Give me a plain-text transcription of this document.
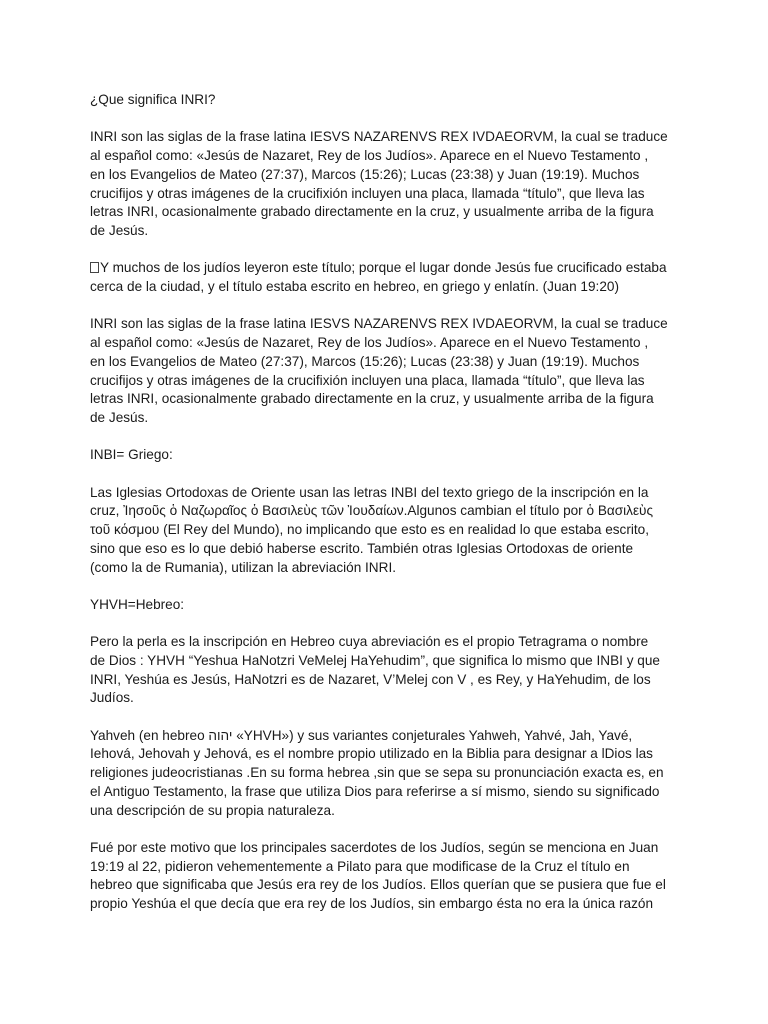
¿Que significa INRI?

INRI son las siglas de la frase latina IESVS NAZARENVS REX IVDAEORVM, la cual se traduce
al español como: «Jesús de Nazaret, Rey de los Judíos». Aparece en el Nuevo Testamento ,
en los Evangelios de Mateo (27:37), Marcos (15:26); Lucas (23:38) y Juan (19:19). Muchos
crucifijos y otras imágenes de la crucifixión incluyen una placa, llamada “título”, que lleva las
letras INRI, ocasionalmente grabado directamente en la cruz, y usualmente arriba de la figura
de Jesús.

Y muchos de los judíos leyeron este título; porque el lugar donde Jesús fue crucificado estaba
cerca de la ciudad, y el título estaba escrito en hebreo, en griego y enlatín. (Juan 19:20)

INRI son las siglas de la frase latina IESVS NAZARENVS REX IVDAEORVM, la cual se traduce
al español como: «Jesús de Nazaret, Rey de los Judíos». Aparece en el Nuevo Testamento ,
en los Evangelios de Mateo (27:37), Marcos (15:26); Lucas (23:38) y Juan (19:19). Muchos
crucifijos y otras imágenes de la crucifixión incluyen una placa, llamada “título”, que lleva las
letras INRI, ocasionalmente grabado directamente en la cruz, y usualmente arriba de la figura
de Jesús.

INBI= Griego:

Las Iglesias Ortodoxas de Oriente usan las letras INBI del texto griego de la inscripción en la
cruz, Ἰησοῦς ὁ Ναζωραῖος ὁ Βασιλεὺς τῶν Ἰουδαίων.Algunos cambian el título por ὁ Βασιλεὺς
τοῦ κόσμου (El Rey del Mundo), no implicando que esto es en realidad lo que estaba escrito,
sino que eso es lo que debió haberse escrito. También otras Iglesias Ortodoxas de oriente
(como la de Rumania), utilizan la abreviación INRI.

YHVH=Hebreo:

Pero la perla es la inscripción en Hebreo cuya abreviación es el propio Tetragrama o nombre
de Dios : YHVH “Yeshua HaNotzri VeMelej HaYehudim”, que significa lo mismo que INBI y que
INRI, Yeshúa es Jesús, HaNotzri es de Nazaret, V’Melej con V , es Rey, y HaYehudim, de los
Judíos.

Yahveh (en hebreo יהוה «YHVH») y sus variantes conjeturales Yahweh, Yahvé, Jah, Yavé,
Iehová, Jehovah y Jehová, es el nombre propio utilizado en la Biblia para designar a lDios las
religiones judeocristianas .En su forma hebrea ,sin que se sepa su pronunciación exacta es, en
el Antiguo Testamento, la frase que utiliza Dios para referirse a sí mismo, siendo su significado
una descripción de su propia naturaleza.

Fué por este motivo que los principales sacerdotes de los Judíos, según se menciona en Juan
19:19 al 22, pidieron vehementemente a Pilato para que modificase de la Cruz el título en
hebreo que significaba que Jesús era rey de los Judíos. Ellos querían que se pusiera que fue el
propio Yeshúa el que decía que era rey de los Judíos, sin embargo ésta no era la única razón
